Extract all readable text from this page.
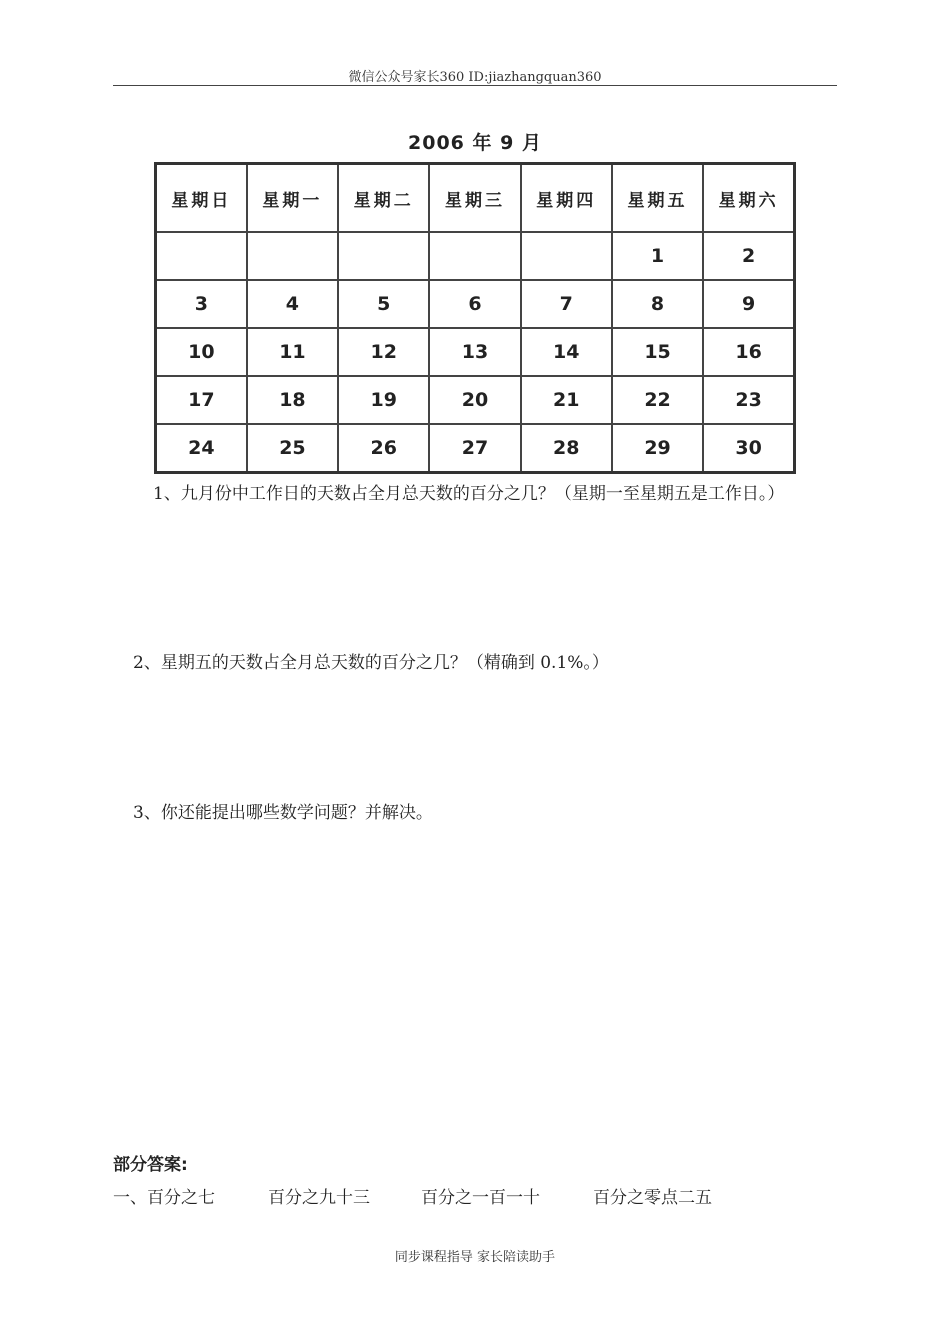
微信公众号家长360 ID:jiazhangquan360
2006 年 9 月
星期日	星期一	星期二	星期三	星期四	星期五	星期六
					1	2
3	4	5	6	7	8	9
10	11	12	13	14	15	16
17	18	19	20	21	22	23
24	25	26	27	28	29	30
1、九月份中工作日的天数占全月总天数的百分之几？（星期一至星期五是工作日。）
2、星期五的天数占全月总天数的百分之几？（精确到 0.1%。）
3、你还能提出哪些数学问题？并解决。
部分答案:
一、百分之七	百分之九十三	百分之一百一十	百分之零点二五
同步课程指导 家长陪读助手
